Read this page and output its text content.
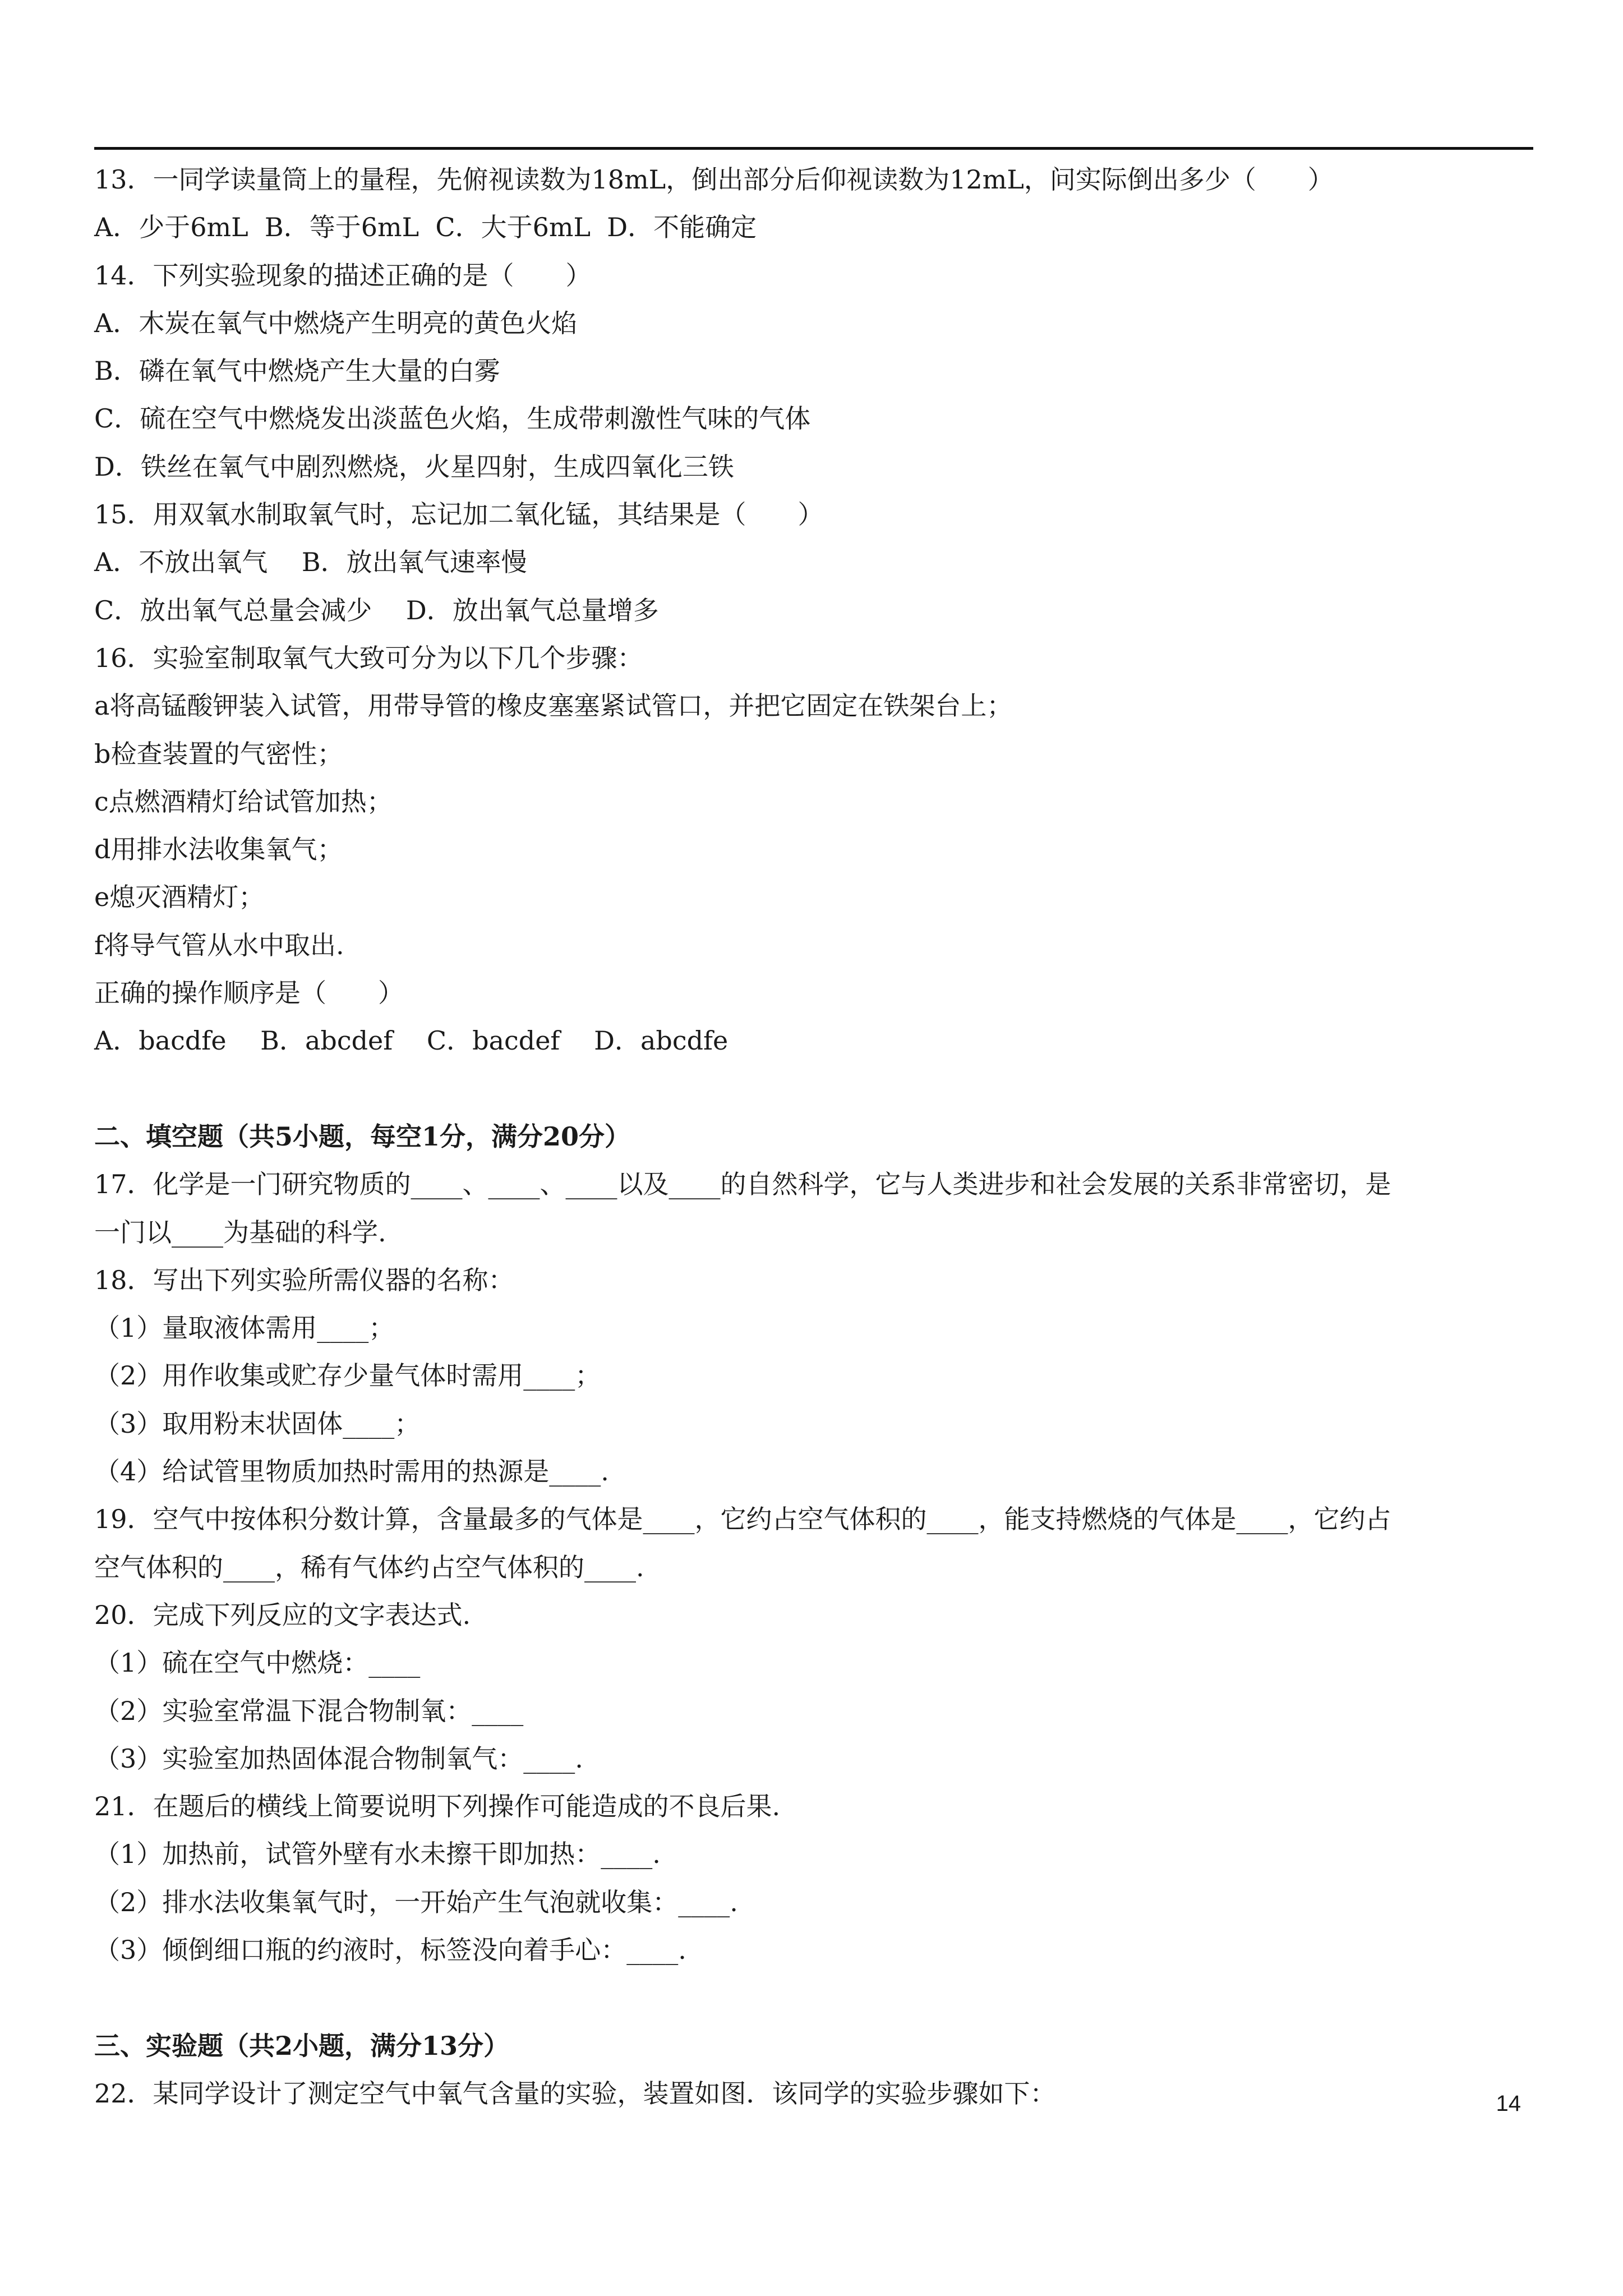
13．一同学读量筒上的量程，先俯视读数为18mL，倒出部分后仰视读数为12mL，问实际倒出多少（　　）
A．少于6mL  B．等于6mL  C．大于6mL  D．不能确定
14．下列实验现象的描述正确的是（　　）
A．木炭在氧气中燃烧产生明亮的黄色火焰
B．磷在氧气中燃烧产生大量的白雾
C．硫在空气中燃烧发出淡蓝色火焰，生成带刺激性气味的气体
D．铁丝在氧气中剧烈燃烧，火星四射，生成四氧化三铁
15．用双氧水制取氧气时，忘记加二氧化锰，其结果是（　　）
A．不放出氧气　 B．放出氧气速率慢
C．放出氧气总量会减少　 D．放出氧气总量增多
16．实验室制取氧气大致可分为以下几个步骤：
a将高锰酸钾装入试管，用带导管的橡皮塞塞紧试管口，并把它固定在铁架台上；
b检查装置的气密性；
c点燃酒精灯给试管加热；
d用排水法收集氧气；
e熄灭酒精灯；
f将导气管从水中取出.
正确的操作顺序是（　　）
A．bacdfe　 B．abcdef　 C．bacdef　 D．abcdfe
二、填空题（共5小题，每空1分，满分20分）
17．化学是一门研究物质的____、____、____以及____的自然科学，它与人类进步和社会发展的关系非常密切，是
一门以____为基础的科学.
18．写出下列实验所需仪器的名称：
（1）量取液体需用____；
（2）用作收集或贮存少量气体时需用____；
（3）取用粉末状固体____；
（4）给试管里物质加热时需用的热源是____.
19．空气中按体积分数计算，含量最多的气体是____，它约占空气体积的____，能支持燃烧的气体是____，它约占
空气体积的____，稀有气体约占空气体积的____.
20．完成下列反应的文字表达式.
（1）硫在空气中燃烧：____
（2）实验室常温下混合物制氧：____
（3）实验室加热固体混合物制氧气：____.
21．在题后的横线上简要说明下列操作可能造成的不良后果.
（1）加热前，试管外壁有水未擦干即加热：____.
（2）排水法收集氧气时，一开始产生气泡就收集：____.
（3）倾倒细口瓶的约液时，标签没向着手心：____.
三、实验题（共2小题，满分13分）
22．某同学设计了测定空气中氧气含量的实验，装置如图．该同学的实验步骤如下：	14
